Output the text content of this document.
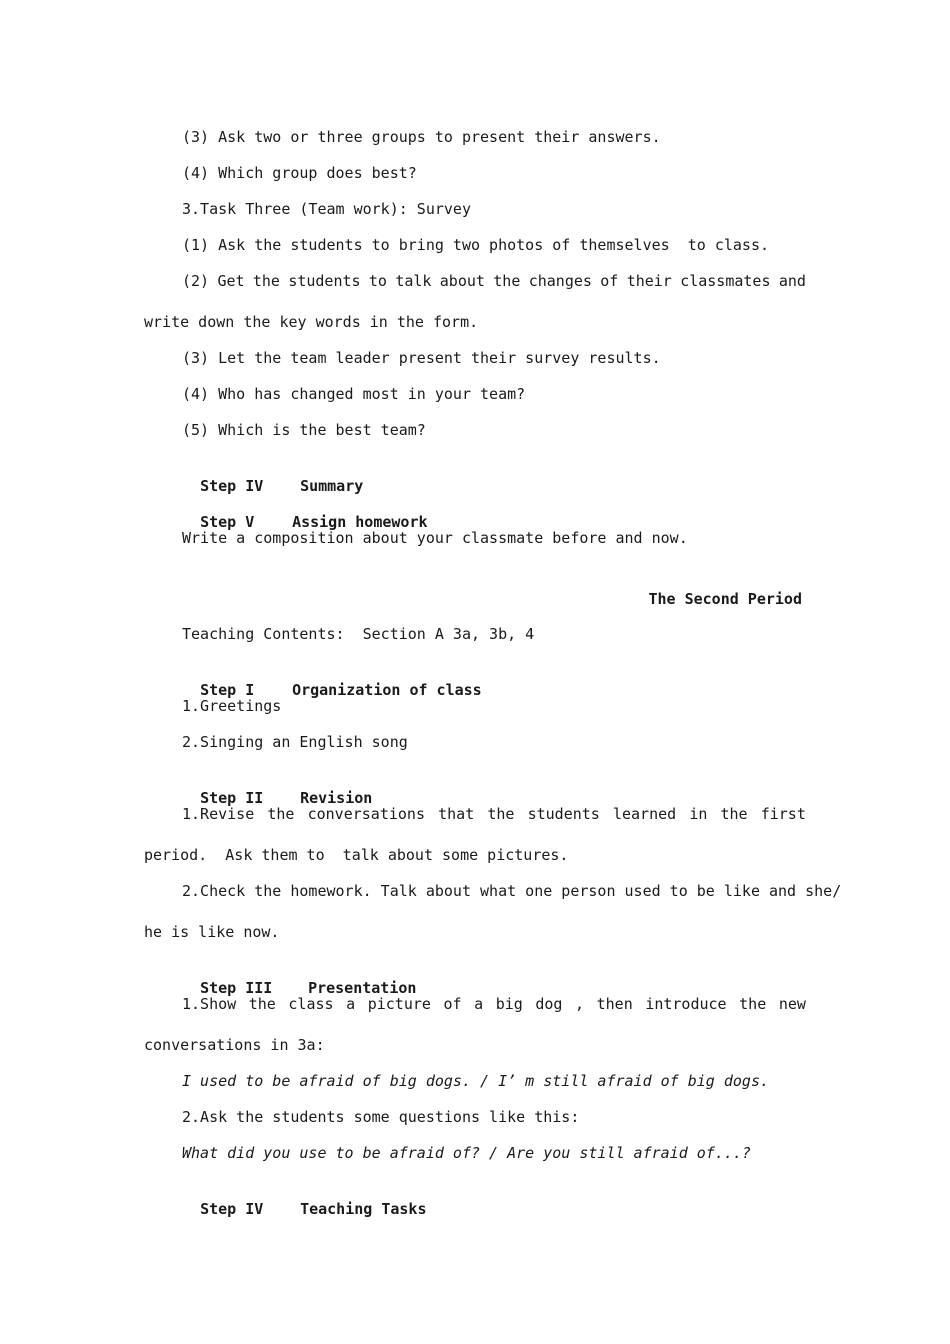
(3) Ask two or three groups to present their answers.
(4) Which group does best?
3.Task Three (Team work): Survey
(1) Ask the students to bring two photos of themselves  to class.
(2) Get the students to talk about the changes of their classmates and
write down the key words in the form.
(3) Let the team leader present their survey results.
(4) Who has changed most in your team?
(5) Which is the best team?

Step IV Summary

Step V	Assign homework

Write a composition about your classmate before and now.
The Second Period
Teaching Contents:  Section A 3a, 3b, 4

Step I	Organization of class

1.Greetings
2.Singing an English song

Step II Revision

1.Revise the conversations that the students learned in the first
period.  Ask them to  talk about some pictures.
2.Check the homework. Talk about what one person used to be like and she/
he is like now.

Step III Presentation

1.Show the class a picture of a big dog , then introduce the new
conversations in 3a:
I used to be afraid of big dogs. / I’ m still afraid of big dogs.
2.Ask the students some questions like this:
What did you use to be afraid of? / Are you still afraid of...?

Step IV Teaching Tasks
